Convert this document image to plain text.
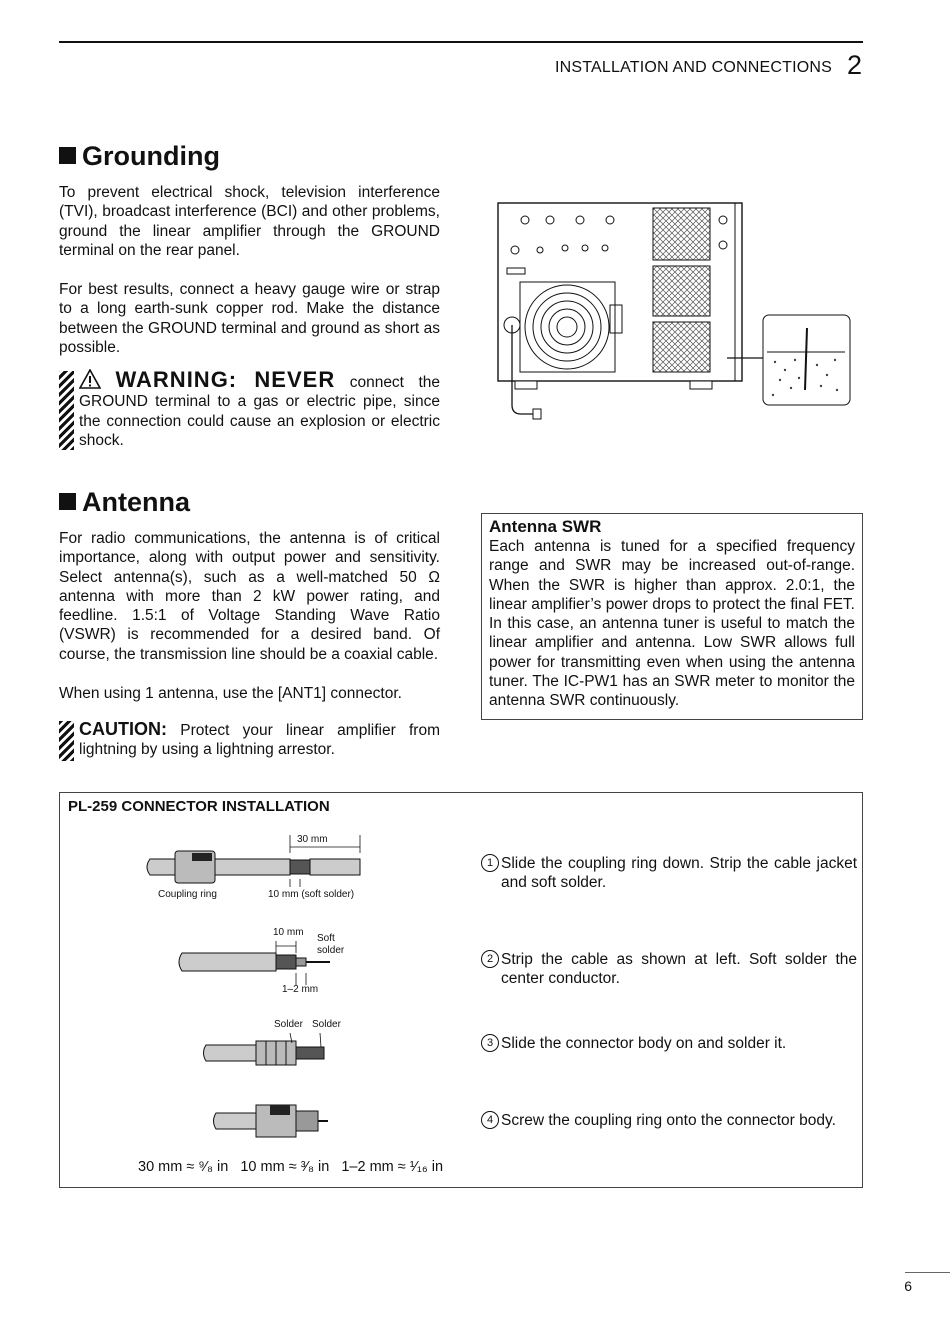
INSTALLATION AND CONNECTIONS 2
Grounding

To prevent electrical shock, television interference (TVI), broadcast interference (BCI) and other problems, ground the linear amplifier through the GROUND terminal on the rear panel.

For best results, connect a heavy gauge wire or strap to a long earth-sunk copper rod. Make the distance between the GROUND terminal and ground as short as possible.

WARNING: NEVER connect the GROUND terminal to a gas or electric pipe, since the connection could cause an explosion or electric shock.
Antenna

For radio communications, the antenna is of critical importance, along with output power and sensitivity. Select antenna(s), such as a well-matched 50 Ω antenna with more than 2 kW power rating, and feedline. 1.5:1 of Voltage Standing Wave Ratio (VSWR) is recommended for a desired band. Of course, the transmission line should be a coaxial cable.

When using 1 antenna, use the [ANT1] connector.

CAUTION: Protect your linear amplifier from lightning by using a lightning arrestor.
Antenna SWR
Each antenna is tuned for a specified frequency range and SWR may be increased out-of-range. When the SWR is higher than approx. 2.0:1, the linear amplifier’s power drops to protect the final FET. In this case, an antenna tuner is useful to match the linear amplifier and antenna. Low SWR allows full power for transmitting even when using the antenna tuner. The IC-PW1 has an SWR meter to monitor the antenna SWR continuously.
PL-259 CONNECTOR INSTALLATION
30 mm
Coupling ring	10 mm (soft solder)
10 mm
Soft
solder
1–2 mm
Solder Solder
1 Slide the coupling ring down. Strip the cable jacket and soft solder.
2 Strip the cable as shown at left. Soft solder the center conductor.
3 Slide the connector body on and solder it.
4 Screw the coupling ring onto the connector body.
30 mm ≈ ⁹⁄₈ in   10 mm ≈ ³⁄₈ in   1–2 mm ≈ ¹⁄₁₆ in
6
